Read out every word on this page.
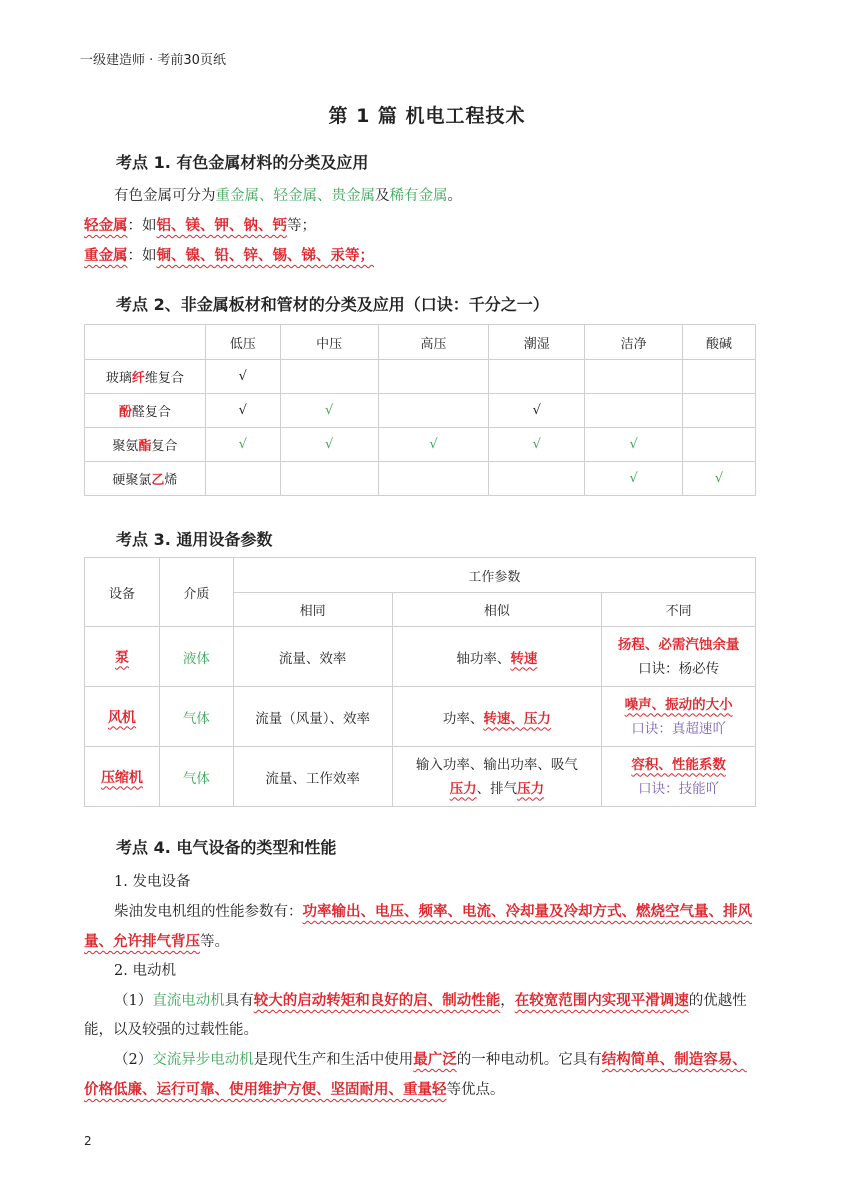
一级建造师 · 考前30页纸
第 1 篇 机电工程技术
考点 1. 有色金属材料的分类及应用
有色金属可分为重金属、轻金属、贵金属及稀有金属。
轻金属：如铝、镁、钾、钠、钙等；
重金属：如铜、镍、铅、锌、锡、锑、汞等；
考点 2、非金属板材和管材的分类及应用（口诀：千分之一）
	低压	中压	高压	潮湿	洁净	酸碱
玻璃纤维复合	√					
酚醛复合	√	√		√		
聚氨酯复合	√	√	√	√	√	
硬聚氯乙烯					√	√
考点 3. 通用设备参数
设备	介质	工作参数		
		相同	相似	不同
泵	液体	流量、效率	轴功率、转速	扬程、必需汽蚀余量
口诀：杨必传

风机	气体	流量（风量）、效率	功率、转速、压力	噪声、振动的大小
口诀：真超速吖

压缩机	气体	流量、工作效率	输入功率、输出功率、吸气
压力、排气压力	容积、性能系数
口诀：技能吖
考点 4. 电气设备的类型和性能
1. 发电设备
柴油发电机组的性能参数有：功率输出、电压、频率、电流、冷却量及冷却方式、燃烧空气量、排风量、允许排气背压等。
2. 电动机
（1）直流电动机具有较大的启动转矩和良好的启、制动性能，在较宽范围内实现平滑调速的优越性能，以及较强的过载性能。
（2）交流异步电动机是现代生产和生活中使用最广泛的一种电动机。它具有结构简单、制造容易、价格低廉、运行可靠、使用维护方便、坚固耐用、重量轻等优点。
2
